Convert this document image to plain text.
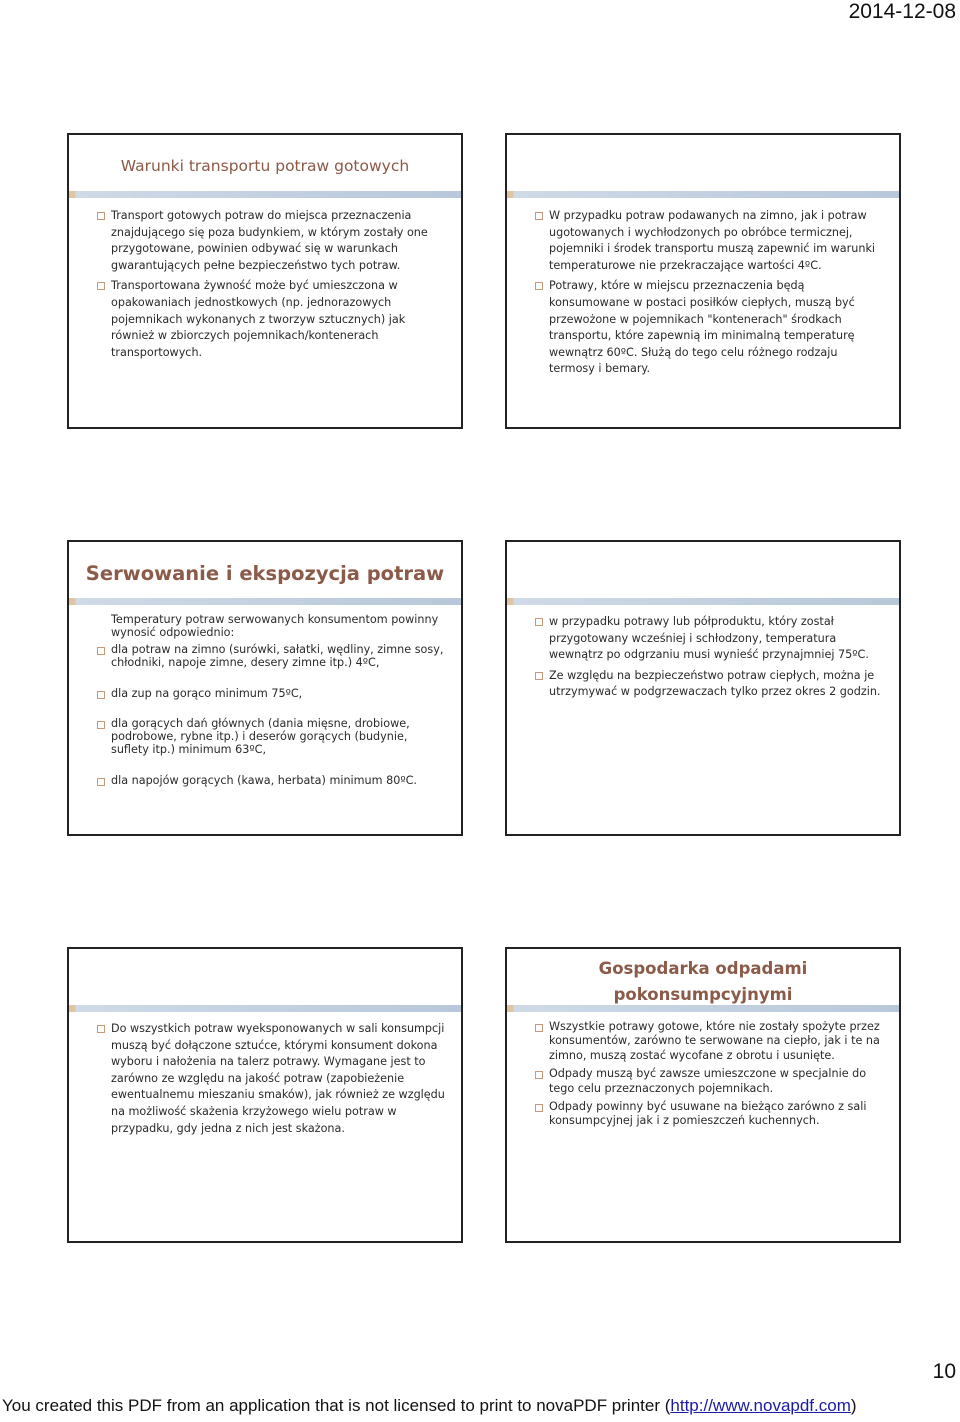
2014-12-08
Warunki transportu potraw gotowych
Transport gotowych potraw do miejsca przeznaczenia znajdującego się poza budynkiem, w którym zostały one przygotowane, powinien odbywać się w warunkach gwarantujących pełne bezpieczeństwo tych potraw.
Transportowana żywność może być umieszczona w opakowaniach jednostkowych (np. jednorazowych pojemnikach wykonanych z tworzyw sztucznych) jak również w zbiorczych pojemnikach/kontenerach transportowych.
W przypadku potraw podawanych na zimno, jak i potraw ugotowanych i wychłodzonych po obróbce termicznej, pojemniki i środek transportu muszą zapewnić im warunki temperaturowe nie przekraczające wartości 4ºC.
Potrawy, które w miejscu przeznaczenia będą konsumowane w postaci posiłków ciepłych, muszą być przewożone w pojemnikach "kontenerach" środkach transportu, które zapewnią im minimalną temperaturę wewnątrz 60ºC. Służą do tego celu różnego rodzaju termosy i bemary.
Serwowanie i ekspozycja potraw
Temperatury potraw serwowanych konsumentom powinny wynosić odpowiednio:
dla potraw na zimno (surówki, sałatki, wędliny, zimne sosy, chłodniki, napoje zimne, desery zimne itp.) 4ºC,
dla zup na gorąco minimum 75ºC,
dla gorących dań głównych (dania mięsne, drobiowe, podrobowe, rybne itp.) i deserów gorących (budynie, suflety itp.) minimum 63ºC,
dla napojów gorących (kawa, herbata) minimum 80ºC.
w przypadku potrawy lub półproduktu, który został przygotowany wcześniej i schłodzony, temperatura wewnątrz po odgrzaniu musi wynieść przynajmniej 75ºC.
Ze względu na bezpieczeństwo potraw ciepłych, można je utrzymywać w podgrzewaczach tylko przez okres 2 godzin.
Do wszystkich potraw wyeksponowanych w sali konsumpcji muszą być dołączone sztućce, którymi konsument dokona wyboru i nałożenia na talerz potrawy. Wymagane jest to zarówno ze względu na jakość potraw (zapobieżenie ewentualnemu mieszaniu smaków), jak również ze względu na możliwość skażenia krzyżowego wielu potraw w przypadku, gdy jedna z nich jest skażona.
Gospodarka odpadami
pokonsumpcyjnymi
Wszystkie potrawy gotowe, które nie zostały spożyte przez konsumentów, zarówno te serwowane na ciepło, jak i te na zimno, muszą zostać wycofane z obrotu i usunięte.
Odpady muszą być zawsze umieszczone w specjalnie do tego celu przeznaczonych pojemnikach.
Odpady powinny być usuwane na bieżąco zarówno z sali konsumpcyjnej jak i z pomieszczeń kuchennych.
10
You created this PDF from an application that is not licensed to print to novaPDF printer (http://www.novapdf.com)
